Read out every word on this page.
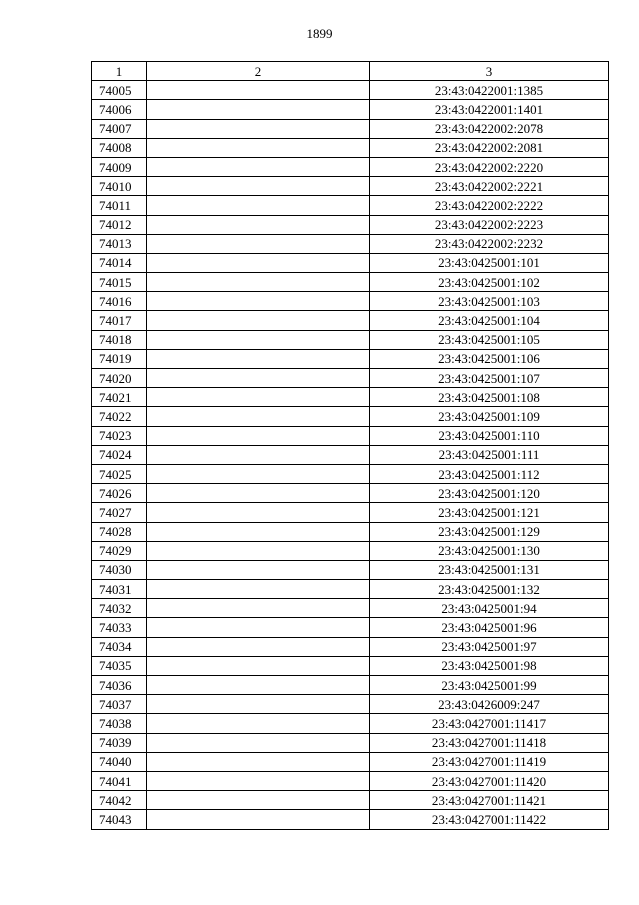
1899
1	2	3
74005		23:43:0422001:1385
74006		23:43:0422001:1401
74007		23:43:0422002:2078
74008		23:43:0422002:2081
74009		23:43:0422002:2220
74010		23:43:0422002:2221
74011		23:43:0422002:2222
74012		23:43:0422002:2223
74013		23:43:0422002:2232
74014		23:43:0425001:101
74015		23:43:0425001:102
74016		23:43:0425001:103
74017		23:43:0425001:104
74018		23:43:0425001:105
74019		23:43:0425001:106
74020		23:43:0425001:107
74021		23:43:0425001:108
74022		23:43:0425001:109
74023		23:43:0425001:110
74024		23:43:0425001:111
74025		23:43:0425001:112
74026		23:43:0425001:120
74027		23:43:0425001:121
74028		23:43:0425001:129
74029		23:43:0425001:130
74030		23:43:0425001:131
74031		23:43:0425001:132
74032		23:43:0425001:94
74033		23:43:0425001:96
74034		23:43:0425001:97
74035		23:43:0425001:98
74036		23:43:0425001:99
74037		23:43:0426009:247
74038		23:43:0427001:11417
74039		23:43:0427001:11418
74040		23:43:0427001:11419
74041		23:43:0427001:11420
74042		23:43:0427001:11421
74043		23:43:0427001:11422
